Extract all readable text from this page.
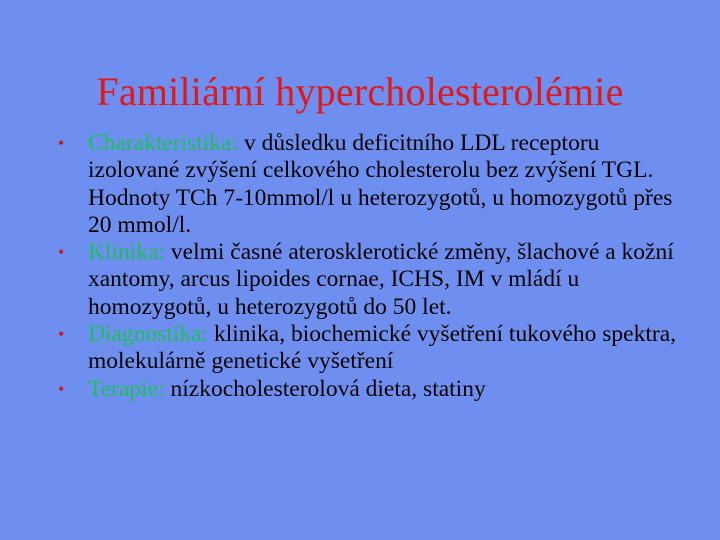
Familiární hypercholesterolémie
• Charakteristika: v důsledku deficitního LDL receptoru izolované zvýšení celkového cholesterolu bez zvýšení TGL. Hodnoty TCh 7-10mmol/l u heterozygotů, u homozygotů přes 20 mmol/l.
• Klinika: velmi časné aterosklerotické změny, šlachové a kožní xantomy, arcus lipoides cornae, ICHS, IM v mládí u homozygotů, u heterozygotů do 50 let.
• Diagnostika: klinika, biochemické vyšetření tukového spektra, molekulárně genetické vyšetření
• Terapie: nízkocholesterolová dieta, statiny
